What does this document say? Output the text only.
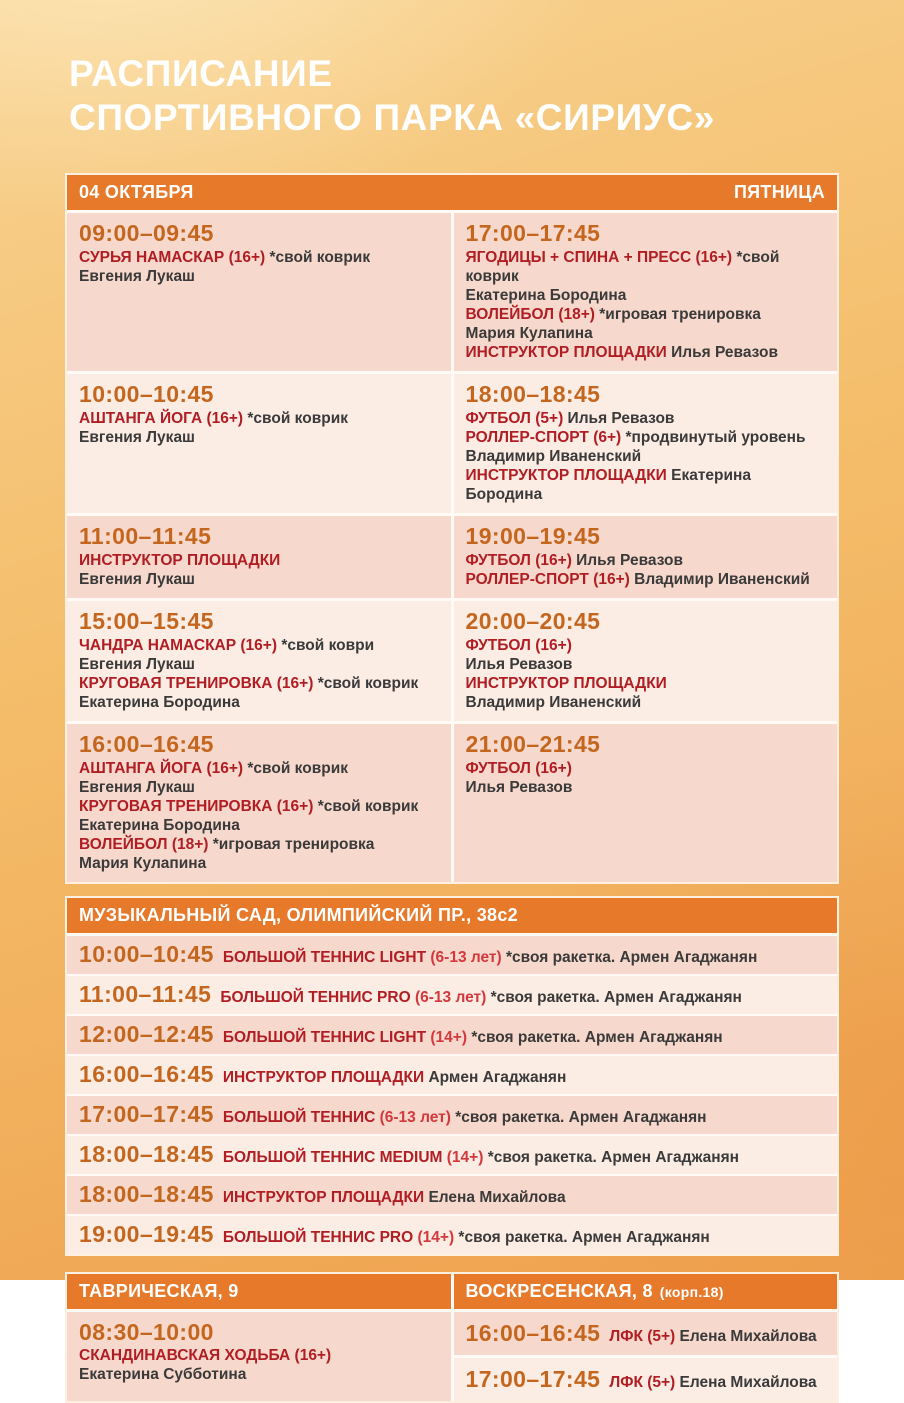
РАСПИСАНИЕ
СПОРТИВНОГО ПАРКА «СИРИУС»
04 ОКТЯБРЯ	ПЯТНИЦА
09:00–09:45
СУРЬЯ НАМАСКАР (16+) *свой коврик
Евгения Лукаш
17:00–17:45
ЯГОДИЦЫ + СПИНА + ПРЕСС (16+) *свой коврик
Екатерина Бородина
ВОЛЕЙБОЛ (18+) *игровая тренировка
Мария Кулапина
ИНСТРУКТОР ПЛОЩАДКИ Илья Ревазов
10:00–10:45
АШТАНГА ЙОГА (16+) *свой коврик
Евгения Лукаш
18:00–18:45
ФУТБОЛ (5+) Илья Ревазов
РОЛЛЕР-СПОРТ (6+) *продвинутый уровень
Владимир Иваненский
ИНСТРУКТОР ПЛОЩАДКИ Екатерина Бородина
11:00–11:45
ИНСТРУКТОР ПЛОЩАДКИ
Евгения Лукаш
19:00–19:45
ФУТБОЛ (16+) Илья Ревазов
РОЛЛЕР-СПОРТ (16+) Владимир Иваненский
15:00–15:45
ЧАНДРА НАМАСКАР (16+) *свой коври
Евгения Лукаш
КРУГОВАЯ ТРЕНИРОВКА (16+) *свой коврик
Екатерина Бородина
20:00–20:45
ФУТБОЛ (16+)
Илья Ревазов
ИНСТРУКТОР ПЛОЩАДКИ
Владимир Иваненский
16:00–16:45
АШТАНГА ЙОГА (16+) *свой коврик
Евгения Лукаш
КРУГОВАЯ ТРЕНИРОВКА (16+) *свой коврик
Екатерина Бородина
ВОЛЕЙБОЛ (18+) *игровая тренировка
Мария Кулапина
21:00–21:45
ФУТБОЛ (16+)
Илья Ревазов
МУЗЫКАЛЬНЫЙ САД, ОЛИМПИЙСКИЙ ПР., 38с2
10:00–10:45 БОЛЬШОЙ ТЕННИС LIGHT (6-13 лет) *своя ракетка. Армен Агаджанян
11:00–11:45 БОЛЬШОЙ ТЕННИС PRO (6-13 лет) *своя ракетка. Армен Агаджанян
12:00–12:45 БОЛЬШОЙ ТЕННИС LIGHT (14+) *своя ракетка. Армен Агаджанян
16:00–16:45 ИНСТРУКТОР ПЛОЩАДКИ Армен Агаджанян
17:00–17:45 БОЛЬШОЙ ТЕННИС (6-13 лет) *своя ракетка. Армен Агаджанян
18:00–18:45 БОЛЬШОЙ ТЕННИС MEDIUM (14+) *своя ракетка. Армен Агаджанян
18:00–18:45 ИНСТРУКТОР ПЛОЩАДКИ Елена Михайлова
19:00–19:45 БОЛЬШОЙ ТЕННИС PRO (14+) *своя ракетка. Армен Агаджанян
ТАВРИЧЕСКАЯ, 9
08:30–10:00
СКАНДИНАВСКАЯ ХОДЬБА (16+)
Екатерина Субботина
ВОСКРЕСЕНСКАЯ, 8 (корп.18)
16:00–16:45 ЛФК (5+) Елена Михайлова
17:00–17:45 ЛФК (5+) Елена Михайлова
